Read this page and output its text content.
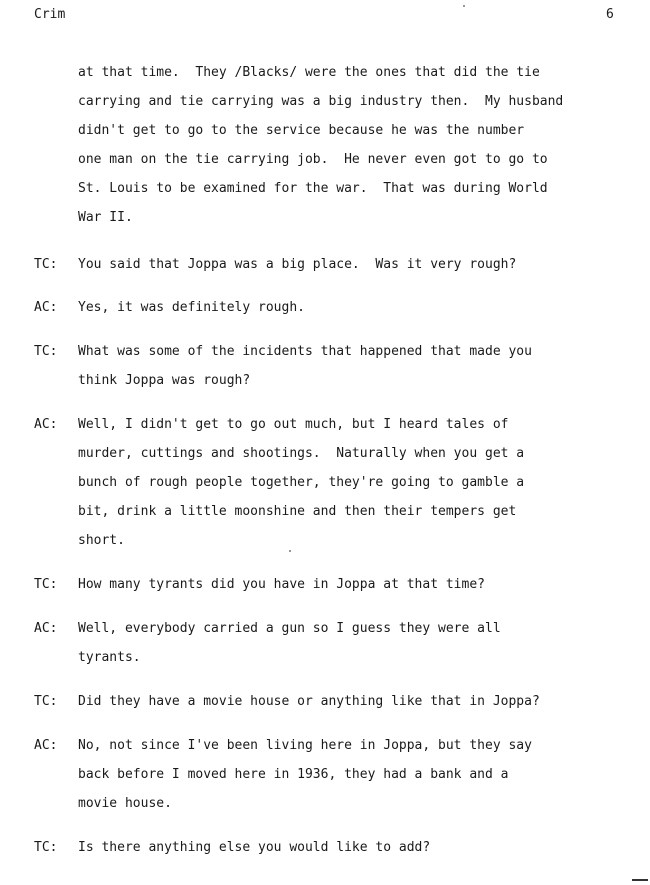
Crim	6
at that time.  They /Blacks/ were the ones that did the tie
carrying and tie carrying was a big industry then.  My husband
didn't get to go to the service because he was the number
one man on the tie carrying job.  He never even got to go to
St. Louis to be examined for the war.  That was during World
War II.
TC:	You said that Joppa was a big place.  Was it very rough?
AC:	Yes, it was definitely rough.
TC:	What was some of the incidents that happened that made you
think Joppa was rough?
AC:	Well, I didn't get to go out much, but I heard tales of
murder, cuttings and shootings.  Naturally when you get a
bunch of rough people together, they're going to gamble a
bit, drink a little moonshine and then their tempers get
short.
TC:	How many tyrants did you have in Joppa at that time?
AC:	Well, everybody carried a gun so I guess they were all
tyrants.
TC:	Did they have a movie house or anything like that in Joppa?
AC:	No, not since I've been living here in Joppa, but they say
back before I moved here in 1936, they had a bank and a
movie house.
TC:	Is there anything else you would like to add?
